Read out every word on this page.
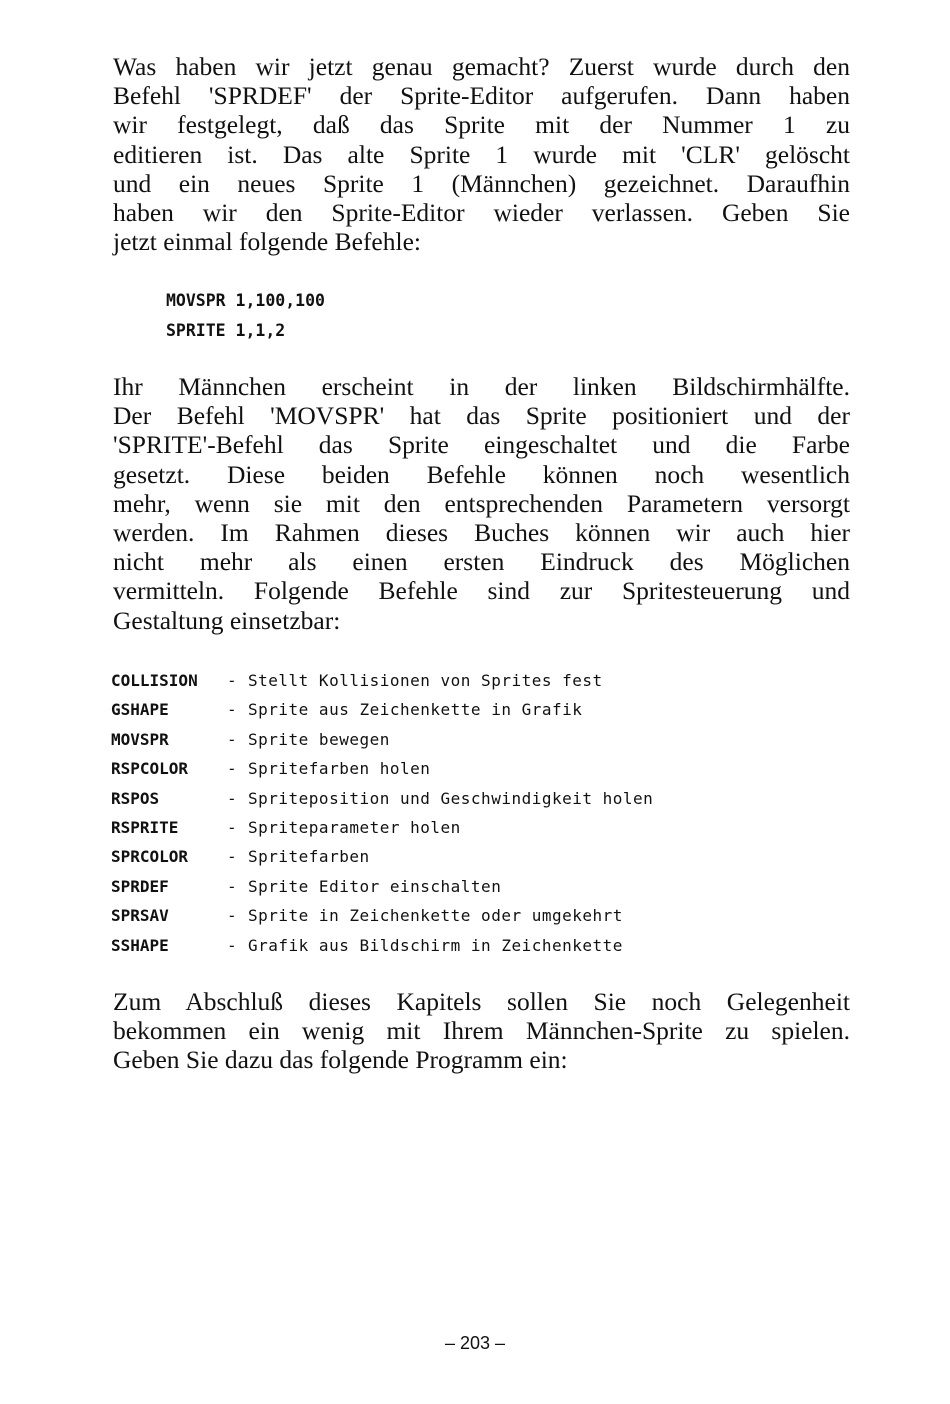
Was haben wir jetzt genau gemacht? Zuerst wurde durch den
Befehl 'SPRDEF' der Sprite-Editor aufgerufen. Dann haben
wir festgelegt, daß das Sprite mit der Nummer 1 zu
editieren ist. Das alte Sprite 1 wurde mit 'CLR' gelöscht
und ein neues Sprite 1 (Männchen) gezeichnet. Daraufhin
haben wir den Sprite-Editor wieder verlassen. Geben Sie
jetzt einmal folgende Befehle:

MOVSPR 1,100,100
SPRITE 1,1,2

Ihr Männchen erscheint in der linken Bildschirmhälfte.
Der Befehl 'MOVSPR' hat das Sprite positioniert und der
'SPRITE'-Befehl das Sprite eingeschaltet und die Farbe
gesetzt. Diese beiden Befehle können noch wesentlich
mehr, wenn sie mit den entsprechenden Parametern versorgt
werden. Im Rahmen dieses Buches können wir auch hier
nicht mehr als einen ersten Eindruck des Möglichen
vermitteln. Folgende Befehle sind zur Spritesteuerung und
Gestaltung einsetzbar:

COLLISION	- Stellt Kollisionen von Sprites fest
GSHAPE	- Sprite aus Zeichenkette in Grafik
MOVSPR	- Sprite bewegen
RSPCOLOR	- Spritefarben holen
RSPOS	- Spriteposition und Geschwindigkeit holen
RSPRITE	- Spriteparameter holen
SPRCOLOR	- Spritefarben
SPRDEF	- Sprite Editor einschalten
SPRSAV	- Sprite in Zeichenkette oder umgekehrt
SSHAPE	- Grafik aus Bildschirm in Zeichenkette

Zum Abschluß dieses Kapitels sollen Sie noch Gelegenheit
bekommen ein wenig mit Ihrem Männchen-Sprite zu spielen.
Geben Sie dazu das folgende Programm ein:

– 203 –
